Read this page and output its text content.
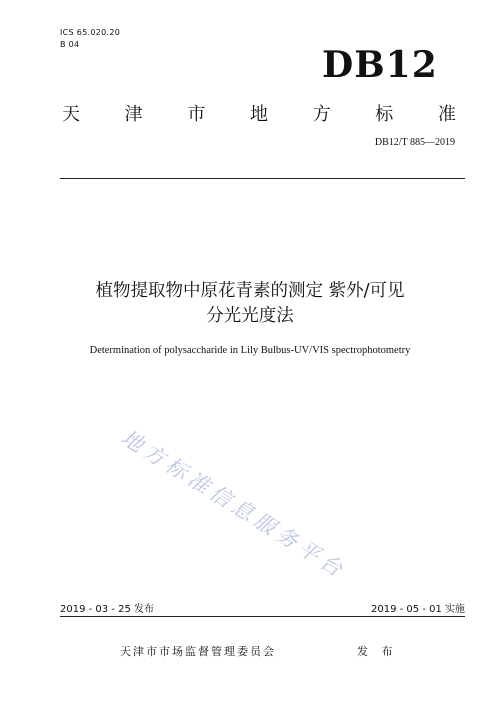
ICS 65.020.20
B 04	DB12
天 津 市 地 方 标 准
DB12/T 885—2019
植物提取物中原花青素的测定 紫外/可见
分光光度法
Determination of polysaccharide in Lily Bulbus-UV/VIS spectrophotometry
地方标准信息服务平台
2019 - 03 - 25 发布	2019 - 05 - 01 实施
天津市市场监督管理委员会	发 布
